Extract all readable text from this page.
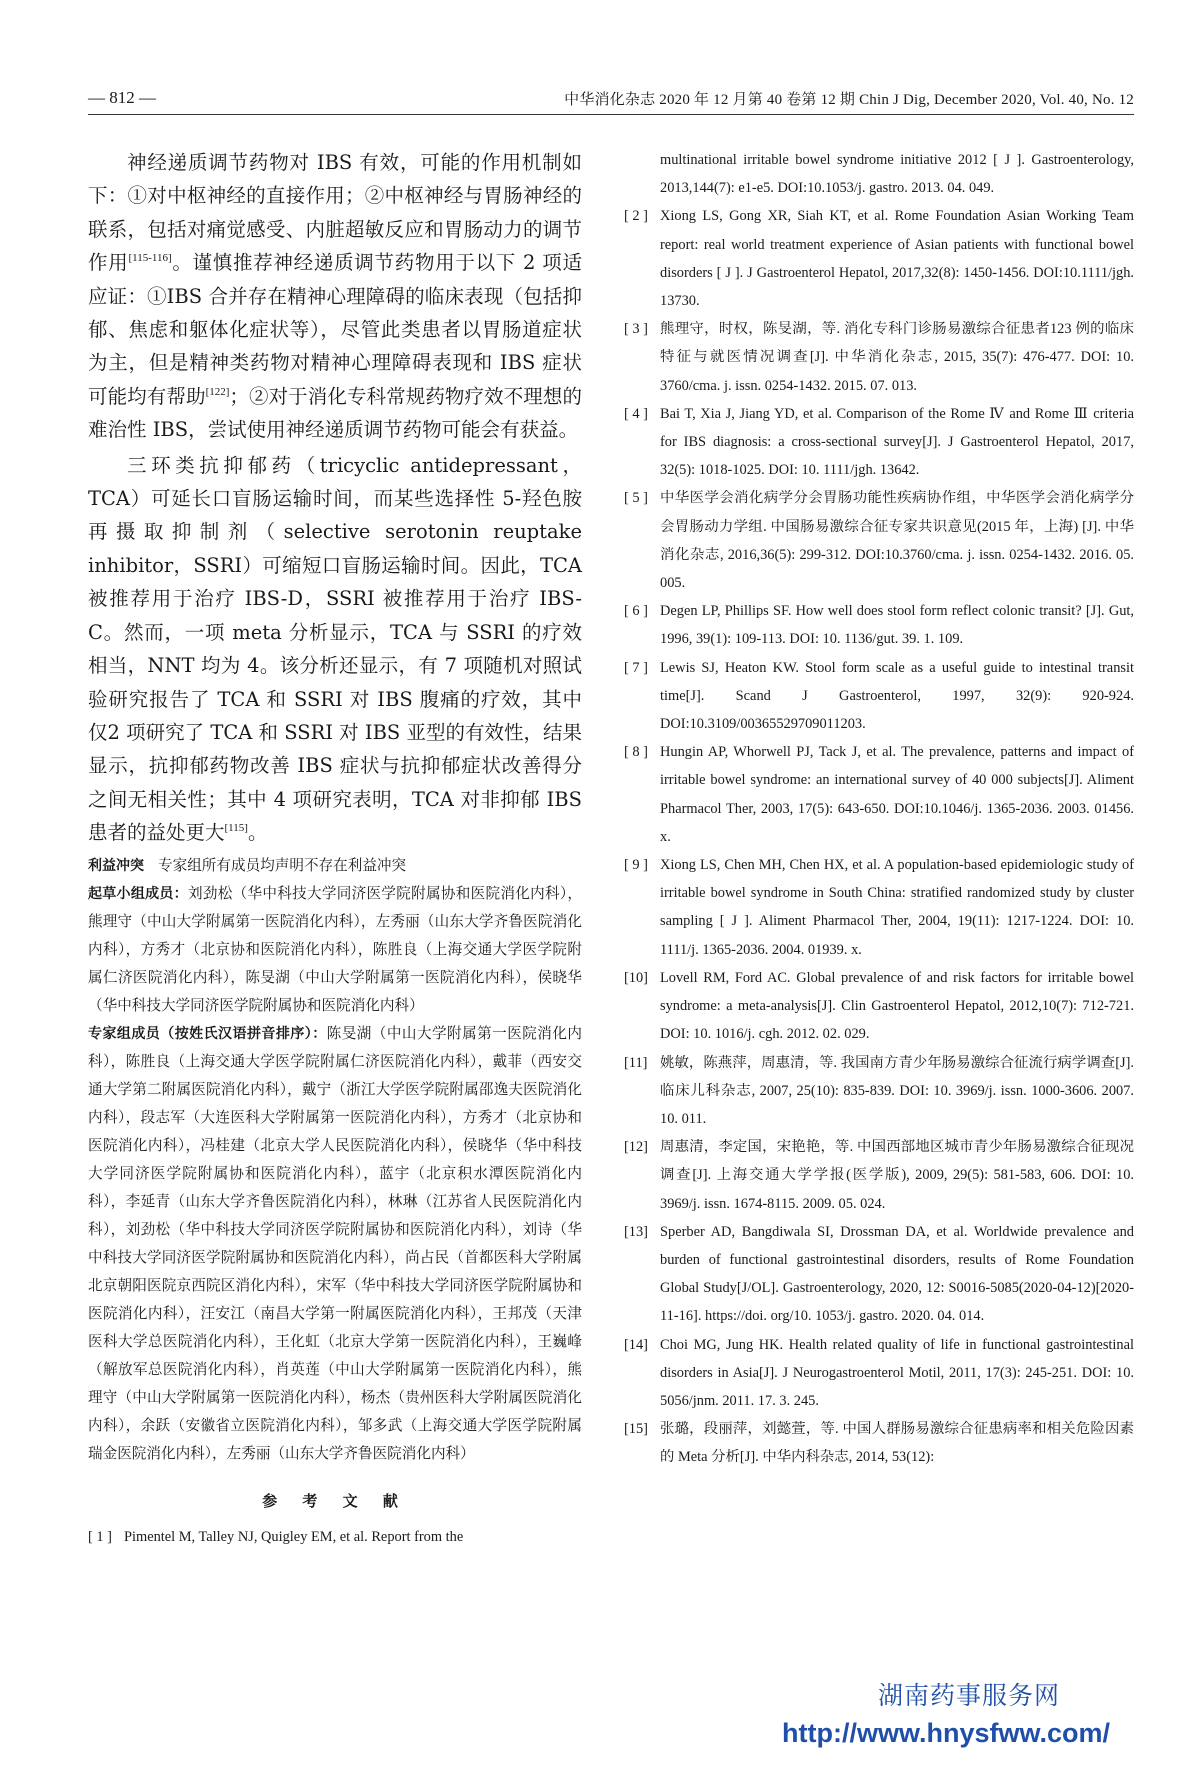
— 812 —	中华消化杂志 2020 年 12 月第 40 卷第 12 期 Chin J Dig, December 2020, Vol. 40, No. 12

神经递质调节药物对 IBS 有效，可能的作用机制如下：①对中枢神经的直接作用；②中枢神经与胃肠神经的联系，包括对痛觉感受、内脏超敏反应和胃肠动力的调节作用[115-116]。谨慎推荐神经递质调节药物用于以下 2 项适应证：①IBS 合并存在精神心理障碍的临床表现（包括抑郁、焦虑和躯体化症状等），尽管此类患者以胃肠道症状为主，但是精神类药物对精神心理障碍表现和 IBS 症状可能均有帮助[122]；②对于消化专科常规药物疗效不理想的难治性 IBS，尝试使用神经递质调节药物可能会有获益。

三环类抗抑郁药（tricyclic antidepressant，TCA）可延长口盲肠运输时间，而某些选择性 5-羟色胺再摄取抑制剂（selective serotonin reuptake inhibitor，SSRI）可缩短口盲肠运输时间。因此，TCA 被推荐用于治疗 IBS-D，SSRI 被推荐用于治疗 IBS-C。然而，一项 meta 分析显示，TCA 与 SSRI 的疗效相当，NNT 均为 4。该分析还显示，有 7 项随机对照试验研究报告了 TCA 和 SSRI 对 IBS 腹痛的疗效，其中仅2 项研究了 TCA 和 SSRI 对 IBS 亚型的有效性，结果显示，抗抑郁药物改善 IBS 症状与抗抑郁症状改善得分之间无相关性；其中 4 项研究表明，TCA 对非抑郁 IBS 患者的益处更大[115]。

利益冲突 专家组所有成员均声明不存在利益冲突

起草小组成员：刘劲松（华中科技大学同济医学院附属协和医院消化内科），熊理守（中山大学附属第一医院消化内科），左秀丽（山东大学齐鲁医院消化内科），方秀才（北京协和医院消化内科），陈胜良（上海交通大学医学院附属仁济医院消化内科），陈旻湖（中山大学附属第一医院消化内科），侯晓华（华中科技大学同济医学院附属协和医院消化内科）

专家组成员（按姓氏汉语拼音排序）：陈旻湖（中山大学附属第一医院消化内科），陈胜良（上海交通大学医学院附属仁济医院消化内科），戴菲（西安交通大学第二附属医院消化内科），戴宁（浙江大学医学院附属邵逸夫医院消化内科），段志军（大连医科大学附属第一医院消化内科），方秀才（北京协和医院消化内科），冯桂建（北京大学人民医院消化内科），侯晓华（华中科技大学同济医学院附属协和医院消化内科），蓝宇（北京积水潭医院消化内科），李延青（山东大学齐鲁医院消化内科），林琳（江苏省人民医院消化内科），刘劲松（华中科技大学同济医学院附属协和医院消化内科），刘诗（华中科技大学同济医学院附属协和医院消化内科），尚占民（首都医科大学附属北京朝阳医院京西院区消化内科），宋军（华中科技大学同济医学院附属协和医院消化内科），汪安江（南昌大学第一附属医院消化内科），王邦茂（天津医科大学总医院消化内科），王化虹（北京大学第一医院消化内科），王巍峰（解放军总医院消化内科），肖英莲（中山大学附属第一医院消化内科），熊理守（中山大学附属第一医院消化内科），杨杰（贵州医科大学附属医院消化内科），余跃（安徽省立医院消化内科），邹多武（上海交通大学医学院附属瑞金医院消化内科），左秀丽（山东大学齐鲁医院消化内科）

参 考 文 献
[ 1 ] Pimentel M, Talley NJ, Quigley EM, et al. Report from the
multinational irritable bowel syndrome initiative 2012 [ J ]. Gastroenterology, 2013,144(7): e1-e5. DOI:10.1053/j. gastro. 2013. 04. 049.
[ 2 ] Xiong LS, Gong XR, Siah KT, et al. Rome Foundation Asian Working Team report: real world treatment experience of Asian patients with functional bowel disorders [ J ]. J Gastroenterol Hepatol, 2017,32(8): 1450-1456. DOI:10.1111/jgh. 13730.
[ 3 ] 熊理守，时权，陈旻湖，等. 消化专科门诊肠易激综合征患者123 例的临床特征与就医情况调查[J]. 中华消化杂志, 2015, 35(7): 476-477. DOI: 10. 3760/cma. j. issn. 0254-1432. 2015. 07. 013.
[ 4 ] Bai T, Xia J, Jiang YD, et al. Comparison of the Rome Ⅳ and Rome Ⅲ criteria for IBS diagnosis: a cross-sectional survey[J]. J Gastroenterol Hepatol, 2017, 32(5): 1018-1025. DOI: 10. 1111/jgh. 13642.
[ 5 ] 中华医学会消化病学分会胃肠功能性疾病协作组，中华医学会消化病学分会胃肠动力学组. 中国肠易激综合征专家共识意见(2015 年，上海) [J]. 中华消化杂志, 2016,36(5): 299-312. DOI:10.3760/cma. j. issn. 0254-1432. 2016. 05. 005.
[ 6 ] Degen LP, Phillips SF. How well does stool form reflect colonic transit? [J]. Gut, 1996, 39(1): 109-113. DOI: 10. 1136/gut. 39. 1. 109.
[ 7 ] Lewis SJ, Heaton KW. Stool form scale as a useful guide to intestinal transit time[J]. Scand J Gastroenterol, 1997, 32(9): 920-924. DOI:10.3109/00365529709011203.
[ 8 ] Hungin AP, Whorwell PJ, Tack J, et al. The prevalence, patterns and impact of irritable bowel syndrome: an international survey of 40 000 subjects[J]. Aliment Pharmacol Ther, 2003, 17(5): 643-650. DOI:10.1046/j. 1365-2036. 2003. 01456. x.
[ 9 ] Xiong LS, Chen MH, Chen HX, et al. A population-based epidemiologic study of irritable bowel syndrome in South China: stratified randomized study by cluster sampling [ J ]. Aliment Pharmacol Ther, 2004, 19(11): 1217-1224. DOI: 10. 1111/j. 1365-2036. 2004. 01939. x.
[10] Lovell RM, Ford AC. Global prevalence of and risk factors for irritable bowel syndrome: a meta-analysis[J]. Clin Gastroenterol Hepatol, 2012,10(7): 712-721. DOI: 10. 1016/j. cgh. 2012. 02. 029.
[11] 姚敏，陈燕萍，周惠清，等. 我国南方青少年肠易激综合征流行病学调查[J]. 临床儿科杂志, 2007, 25(10): 835-839. DOI: 10. 3969/j. issn. 1000-3606. 2007. 10. 011.
[12] 周惠清，李定国，宋艳艳，等. 中国西部地区城市青少年肠易激综合征现况调查[J]. 上海交通大学学报(医学版), 2009, 29(5): 581-583, 606. DOI: 10. 3969/j. issn. 1674-8115. 2009. 05. 024.
[13] Sperber AD, Bangdiwala SI, Drossman DA, et al. Worldwide prevalence and burden of functional gastrointestinal disorders, results of Rome Foundation Global Study[J/OL]. Gastroenterology, 2020, 12: S0016-5085(2020-04-12)[2020-11-16]. https://doi. org/10. 1053/j. gastro. 2020. 04. 014.
[14] Choi MG, Jung HK. Health related quality of life in functional gastrointestinal disorders in Asia[J]. J Neurogastroenterol Motil, 2011, 17(3): 245-251. DOI: 10. 5056/jnm. 2011. 17. 3. 245.
[15] 张璐，段丽萍，刘懿萱，等. 中国人群肠易激综合征患病率和相关危险因素的 Meta 分析[J]. 中华内科杂志, 2014, 53(12):
湖南药事服务网
http://www.hnysfww.com/
